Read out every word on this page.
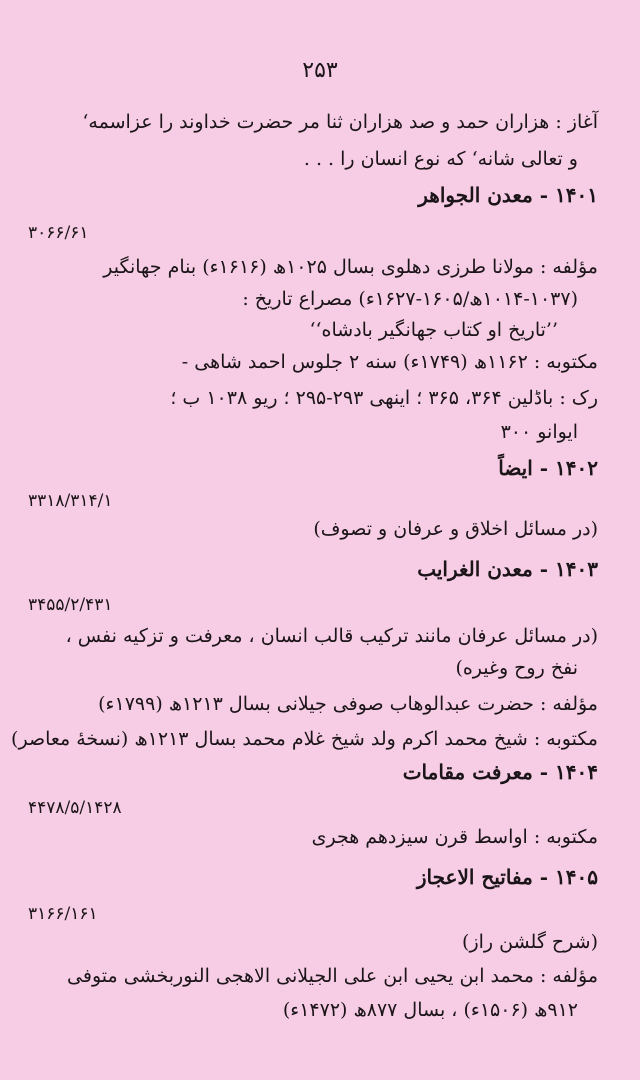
۲۵۳
آغاز : هزاران حمد و صد هزاران ثنا مر حضرت خداوند را عزاسمه‘
و تعالی شانه‘ که نوع انسان را . . .
۱۴۰۱ - معدن الجواهر
۳۰۶۶/۶۱
مؤلفه : مولانا طرزی دهلوی بسال ۱۰۲۵ھ (۱۶۱۶ء) بنام جهانگیر
(۱۰۱۴-۱۰۳۷ھ/۱۶۰۵-۱۶۲۷ء) مصراع تاریخ :
’’تاریخ او کتاب جهانگیر بادشاه‘‘
مکتوبه : ۱۱۶۲ھ (۱۷۴۹ء) سنه ۲ جلوس احمد شاهی -
رک : باڈلین ۳۶۴، ۳۶۵ ؛ اینهی ۲۹۳-۲۹۵ ؛ ریو ۱۰۳۸ ب ؛
ایوانو ۳۰۰
۱۴۰۲ - ایضاً
۳۳۱۸/۳۱۴/۱
(در مسائل اخلاق و عرفان و تصوف)
۱۴۰۳ - معدن الغرایب
۳۴۵۵/۲/۴۳۱
(در مسائل عرفان مانند ترکیب قالب انسان ، معرفت و تزکیه نفس ،
نفخ روح وغیره)
مؤلفه : حضرت عبدالوهاب صوفی جیلانی بسال ۱۲۱۳ھ (۱۷۹۹ء)
مکتوبه : شیخ محمد اکرم ولد شیخ غلام محمد بسال ۱۲۱۳ھ (نسخهٔ معاصر)
۱۴۰۴ - معرفت مقامات
۴۴۷۸/۵/۱۴۲۸
مکتوبه : اواسط قرن سیزدهم هجری
۱۴۰۵ - مفاتیح الاعجاز
۳۱۶۶/۱۶۱
(شرح گلشن راز)
مؤلفه : محمد ابن یحیی ابن علی الجیلانی الاهجی النوربخشی متوفی
۹۱۲ھ (۱۵۰۶ء) ، بسال ۸۷۷ھ (۱۴۷۲ء)
